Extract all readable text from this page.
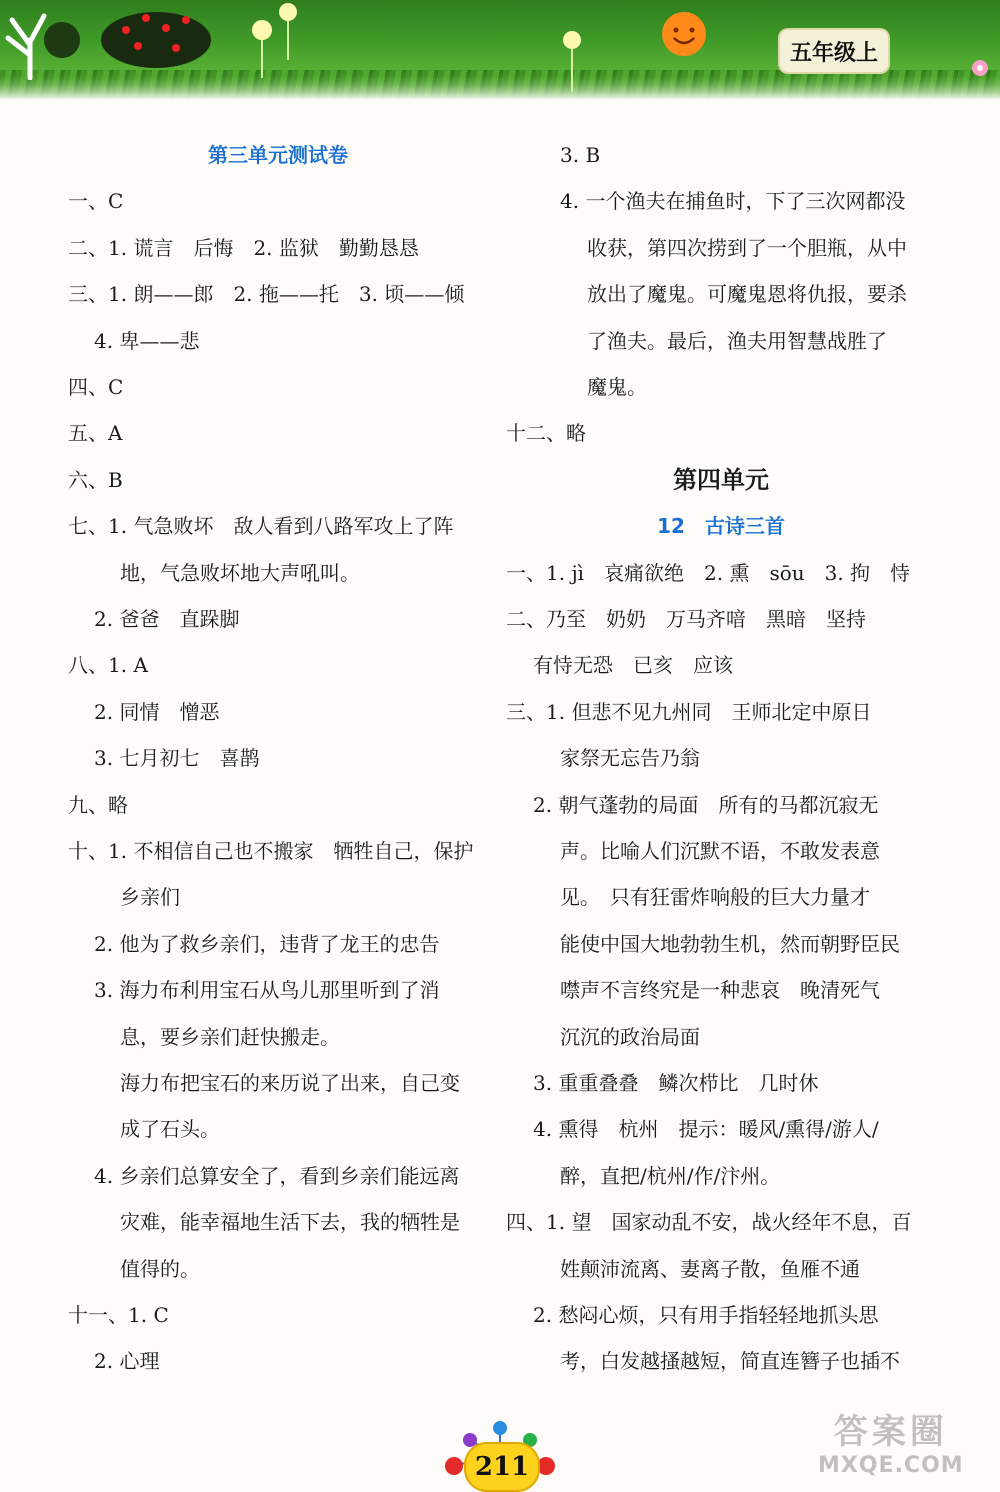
五年级上
第三单元测试卷
一、C
二、1. 谎言　后悔　2. 监狱　勤勤恳恳
三、1. 朗——郎　2. 拖——托　3. 顷——倾
4. 卑——悲
四、C
五、A
六、B
七、1. 气急败坏　敌人看到八路军攻上了阵
地，气急败坏地大声吼叫。
2. 爸爸　直跺脚
八、1. A
2. 同情　憎恶
3. 七月初七　喜鹊
九、略
十、1. 不相信自己也不搬家　牺牲自己，保护
乡亲们
2. 他为了救乡亲们，违背了龙王的忠告
3. 海力布利用宝石从鸟儿那里听到了消
息，要乡亲们赶快搬走。
海力布把宝石的来历说了出来，自己变
成了石头。
4. 乡亲们总算安全了，看到乡亲们能远离
灾难，能幸福地生活下去，我的牺牲是
值得的。
十一、1. C
2. 心理
3. B
4. 一个渔夫在捕鱼时，下了三次网都没
收获，第四次捞到了一个胆瓶，从中
放出了魔鬼。可魔鬼恩将仇报，要杀
了渔夫。最后，渔夫用智慧战胜了
魔鬼。
十二、略
第四单元
12　古诗三首
一、1. jì　哀痛欲绝　2. 熏　sōu　3. 拘　恃
二、乃至　奶奶　万马齐喑　黑暗　坚持
有恃无恐　已亥　应该
三、1. 但悲不见九州同　王师北定中原日
家祭无忘告乃翁
2. 朝气蓬勃的局面　所有的马都沉寂无
声。比喻人们沉默不语，不敢发表意
见。　只有狂雷炸响般的巨大力量才
能使中国大地勃勃生机，然而朝野臣民
噤声不言终究是一种悲哀　晚清死气
沉沉的政治局面
3. 重重叠叠　鳞次栉比　几时休
4. 熏得　杭州　提示：暖风/熏得/游人/
醉，直把/杭州/作/汴州。
四、1. 望　国家动乱不安，战火经年不息，百
姓颠沛流离、妻离子散，鱼雁不通
2. 愁闷心烦，只有用手指轻轻地抓头思
考，白发越搔越短，简直连簪子也插不
211
答案圈
MXQE.COM
